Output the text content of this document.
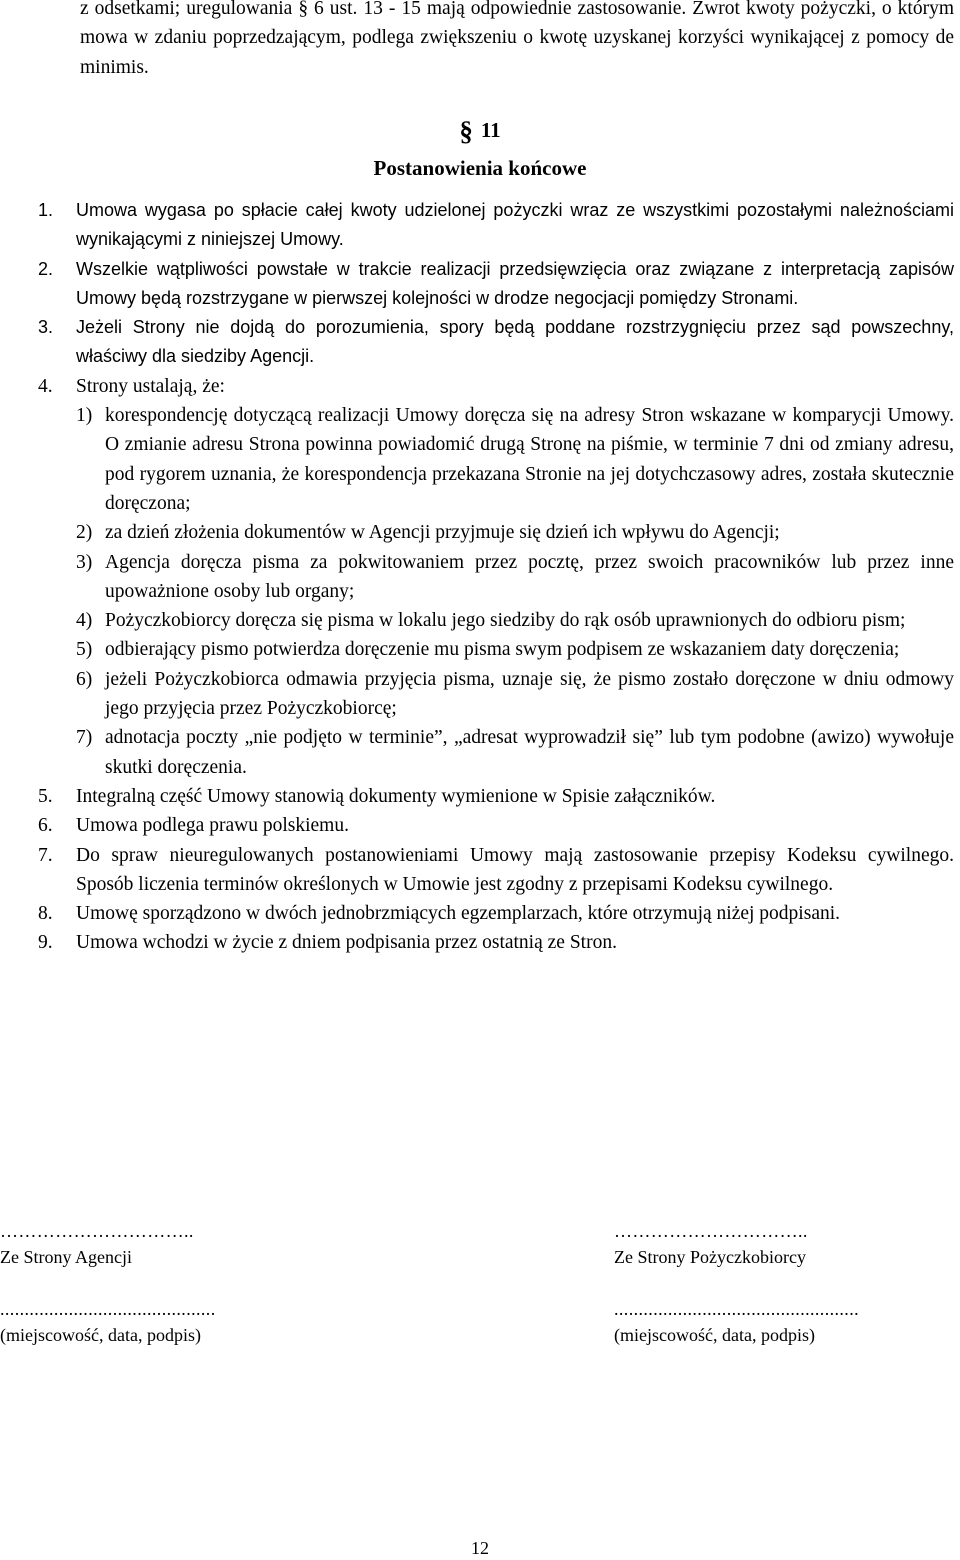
z odsetkami; uregulowania § 6 ust. 13 - 15 mają odpowiednie zastosowanie. Zwrot kwoty pożyczki, o którym mowa w zdaniu poprzedzającym, podlega zwiększeniu o kwotę uzyskanej korzyści wynikającej z pomocy de minimis.

§ 11
Postanowienia końcowe
1. Umowa wygasa po spłacie całej kwoty udzielonej pożyczki wraz ze wszystkimi pozostałymi należnościami wynikającymi z niniejszej Umowy.
2. Wszelkie wątpliwości powstałe w trakcie realizacji przedsięwzięcia oraz związane z interpretacją zapisów Umowy będą rozstrzygane w pierwszej kolejności w drodze negocjacji pomiędzy Stronami.
3. Jeżeli Strony nie dojdą do porozumienia, spory będą poddane rozstrzygnięciu przez sąd powszechny, właściwy dla siedziby Agencji.
4. Strony ustalają, że:
1) korespondencję dotyczącą realizacji Umowy doręcza się na adresy Stron wskazane w komparycji Umowy. O zmianie adresu Strona powinna powiadomić drugą Stronę na piśmie, w terminie 7 dni od zmiany adresu, pod rygorem uznania, że korespondencja przekazana Stronie na jej dotychczasowy adres, została skutecznie doręczona;
2) za dzień złożenia dokumentów w Agencji przyjmuje się dzień ich wpływu do Agencji;
3) Agencja doręcza pisma za pokwitowaniem przez pocztę, przez swoich pracowników lub przez inne upoważnione osoby lub organy;
4) Pożyczkobiorcy doręcza się pisma w lokalu jego siedziby do rąk osób uprawnionych do odbioru pism;
5) odbierający pismo potwierdza doręczenie mu pisma swym podpisem ze wskazaniem daty doręczenia;
6) jeżeli Pożyczkobiorca odmawia przyjęcia pisma, uznaje się, że pismo zostało doręczone w dniu odmowy jego przyjęcia przez Pożyczkobiorcę;
7) adnotacja poczty „nie podjęto w terminie”, „adresat wyprowadził się” lub tym podobne (awizo) wywołuje skutki doręczenia.
5. Integralną część Umowy stanowią dokumenty wymienione w Spisie załączników.
6. Umowa podlega prawu polskiemu.
7. Do spraw nieuregulowanych postanowieniami Umowy mają zastosowanie przepisy Kodeksu cywilnego. Sposób liczenia terminów określonych w Umowie jest zgodny z przepisami Kodeksu cywilnego.
8. Umowę sporządzono w dwóch jednobrzmiących egzemplarzach, które otrzymują niżej podpisani.
9. Umowa wchodzi w życie z dniem podpisania przez ostatnią ze Stron.
…………………………..
Ze Strony Agencji
............................................
(miejscowość, data, podpis)
…………………………..
Ze Strony Pożyczkobiorcy
..................................................
(miejscowość, data, podpis)
12
